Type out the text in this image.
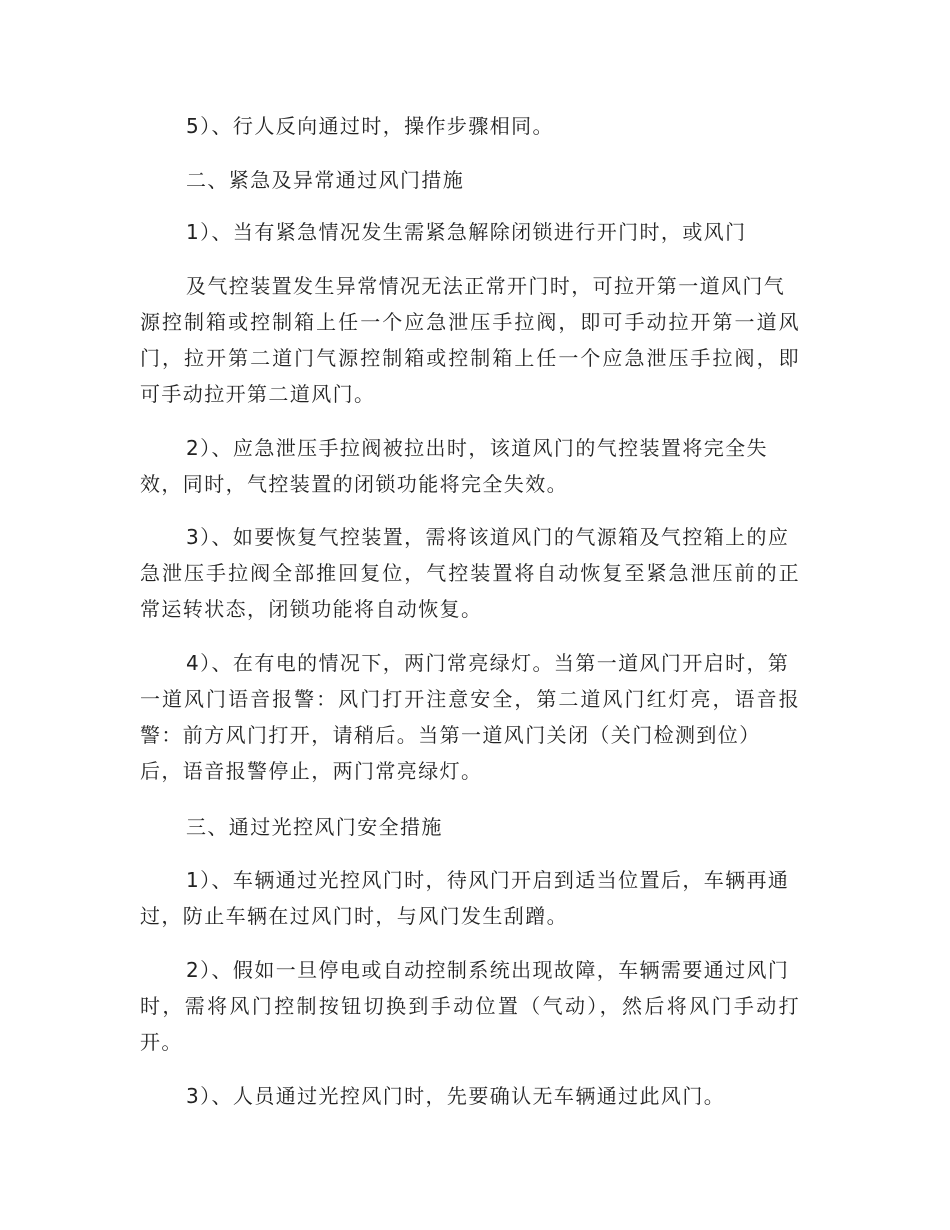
5）、行人反向通过时，操作步骤相同。
二、紧急及异常通过风门措施
1）、当有紧急情况发生需紧急解除闭锁进行开门时，或风门
及气控装置发生异常情况无法正常开门时，可拉开第一道风门气
源控制箱或控制箱上任一个应急泄压手拉阀，即可手动拉开第一道风
门，拉开第二道门气源控制箱或控制箱上任一个应急泄压手拉阀，即
可手动拉开第二道风门。
2）、应急泄压手拉阀被拉出时，该道风门的气控装置将完全失
效，同时，气控装置的闭锁功能将完全失效。
3）、如要恢复气控装置，需将该道风门的气源箱及气控箱上的应
急泄压手拉阀全部推回复位，气控装置将自动恢复至紧急泄压前的正
常运转状态，闭锁功能将自动恢复。
4）、在有电的情况下，两门常亮绿灯。当第一道风门开启时，第
一道风门语音报警：风门打开注意安全，第二道风门红灯亮，语音报
警：前方风门打开，请稍后。当第一道风门关闭（关门检测到位）
后，语音报警停止，两门常亮绿灯。
三、通过光控风门安全措施
1）、车辆通过光控风门时，待风门开启到适当位置后，车辆再通
过，防止车辆在过风门时，与风门发生刮蹭。
2）、假如一旦停电或自动控制系统出现故障，车辆需要通过风门
时，需将风门控制按钮切换到手动位置（气动），然后将风门手动打
开。
3）、人员通过光控风门时，先要确认无车辆通过此风门。
